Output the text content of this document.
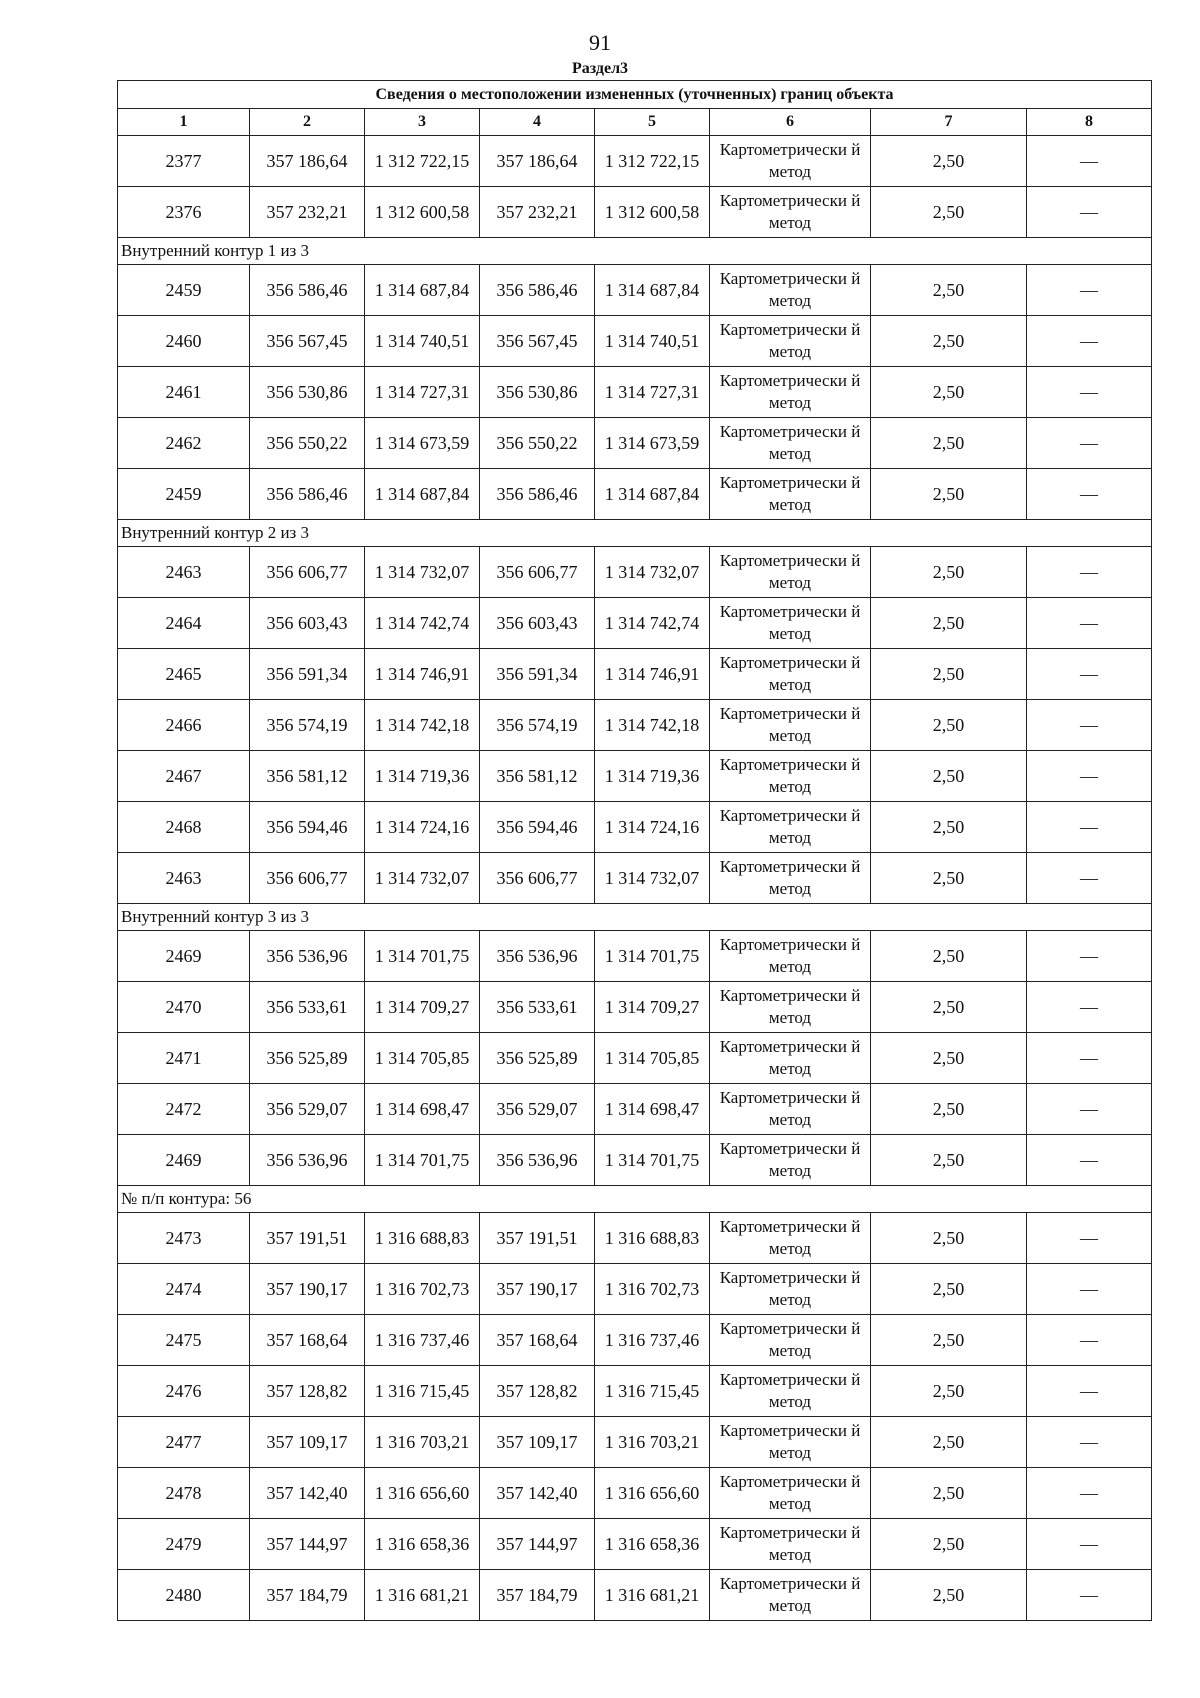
91
Раздел3
Сведения о местоположении измененных (уточненных) границ объекта							
1	2	3	4	5	6	7	8
2377	357 186,64	1 312 722,15	357 186,64	1 312 722,15	Картометрически й метод	2,50	—
2376	357 232,21	1 312 600,58	357 232,21	1 312 600,58	Картометрически й метод	2,50	—
Внутренний контур 1 из 3							
2459	356 586,46	1 314 687,84	356 586,46	1 314 687,84	Картометрически й метод	2,50	—
2460	356 567,45	1 314 740,51	356 567,45	1 314 740,51	Картометрически й метод	2,50	—
2461	356 530,86	1 314 727,31	356 530,86	1 314 727,31	Картометрически й метод	2,50	—
2462	356 550,22	1 314 673,59	356 550,22	1 314 673,59	Картометрически й метод	2,50	—
2459	356 586,46	1 314 687,84	356 586,46	1 314 687,84	Картометрически й метод	2,50	—
Внутренний контур 2 из 3							
2463	356 606,77	1 314 732,07	356 606,77	1 314 732,07	Картометрически й метод	2,50	—
2464	356 603,43	1 314 742,74	356 603,43	1 314 742,74	Картометрически й метод	2,50	—
2465	356 591,34	1 314 746,91	356 591,34	1 314 746,91	Картометрически й метод	2,50	—
2466	356 574,19	1 314 742,18	356 574,19	1 314 742,18	Картометрически й метод	2,50	—
2467	356 581,12	1 314 719,36	356 581,12	1 314 719,36	Картометрически й метод	2,50	—
2468	356 594,46	1 314 724,16	356 594,46	1 314 724,16	Картометрически й метод	2,50	—
2463	356 606,77	1 314 732,07	356 606,77	1 314 732,07	Картометрически й метод	2,50	—
Внутренний контур 3 из 3							
2469	356 536,96	1 314 701,75	356 536,96	1 314 701,75	Картометрически й метод	2,50	—
2470	356 533,61	1 314 709,27	356 533,61	1 314 709,27	Картометрически й метод	2,50	—
2471	356 525,89	1 314 705,85	356 525,89	1 314 705,85	Картометрически й метод	2,50	—
2472	356 529,07	1 314 698,47	356 529,07	1 314 698,47	Картометрически й метод	2,50	—
2469	356 536,96	1 314 701,75	356 536,96	1 314 701,75	Картометрически й метод	2,50	—
№ п/п контура: 56							
2473	357 191,51	1 316 688,83	357 191,51	1 316 688,83	Картометрически й метод	2,50	—
2474	357 190,17	1 316 702,73	357 190,17	1 316 702,73	Картометрически й метод	2,50	—
2475	357 168,64	1 316 737,46	357 168,64	1 316 737,46	Картометрически й метод	2,50	—
2476	357 128,82	1 316 715,45	357 128,82	1 316 715,45	Картометрически й метод	2,50	—
2477	357 109,17	1 316 703,21	357 109,17	1 316 703,21	Картометрически й метод	2,50	—
2478	357 142,40	1 316 656,60	357 142,40	1 316 656,60	Картометрически й метод	2,50	—
2479	357 144,97	1 316 658,36	357 144,97	1 316 658,36	Картометрически й метод	2,50	—
2480	357 184,79	1 316 681,21	357 184,79	1 316 681,21	Картометрически й метод	2,50	—
